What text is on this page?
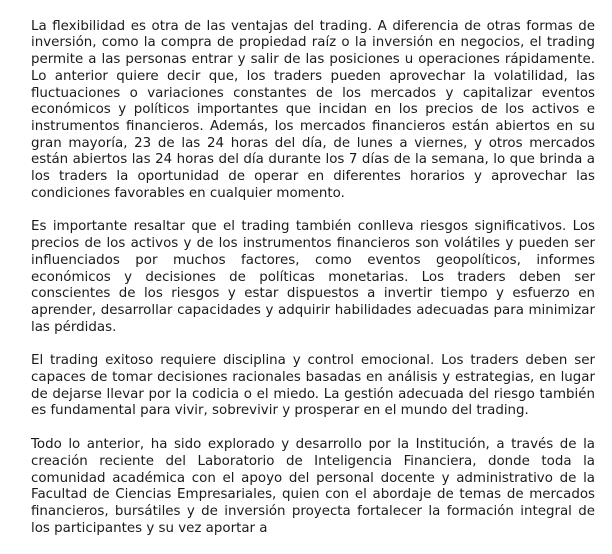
La flexibilidad es otra de las ventajas del trading. A diferencia de otras formas de inversión, como la compra de propiedad raíz o la inversión en negocios, el trading permite a las personas entrar y salir de las posiciones u operaciones rápidamente. Lo anterior quiere decir que, los traders pueden aprovechar la volatilidad, las fluctuaciones o variaciones constantes de los mercados y capitalizar eventos económicos y políticos importantes que incidan en los precios de los activos e instrumentos financieros. Además, los mercados financieros están abiertos en su gran mayoría, 23 de las 24 horas del día, de lunes a viernes, y otros mercados están abiertos las 24 horas del día durante los 7 días de la semana, lo que brinda a los traders la oportunidad de operar en diferentes horarios y aprovechar las condiciones favorables en cualquier momento.

Es importante resaltar que el trading también conlleva riesgos significativos. Los precios de los activos y de los instrumentos financieros son volátiles y pueden ser influenciados por muchos factores, como eventos geopolíticos, informes económicos y decisiones de políticas monetarias. Los traders deben ser conscientes de los riesgos y estar dispuestos a invertir tiempo y esfuerzo en aprender, desarrollar capacidades y adquirir habilidades adecuadas para minimizar las pérdidas.

El trading exitoso requiere disciplina y control emocional. Los traders deben ser capaces de tomar decisiones racionales basadas en análisis y estrategias, en lugar de dejarse llevar por la codicia o el miedo. La gestión adecuada del riesgo también es fundamental para vivir, sobrevivir y prosperar en el mundo del trading.

Todo lo anterior, ha sido explorado y desarrollo por la Institución, a través de la creación reciente del Laboratorio de Inteligencia Financiera, donde toda la comunidad académica con el apoyo del personal docente y administrativo de la Facultad de Ciencias Empresariales, quien con el abordaje de temas de mercados financieros, bursátiles y de inversión proyecta fortalecer la formación integral de los participantes y su vez aportar a
